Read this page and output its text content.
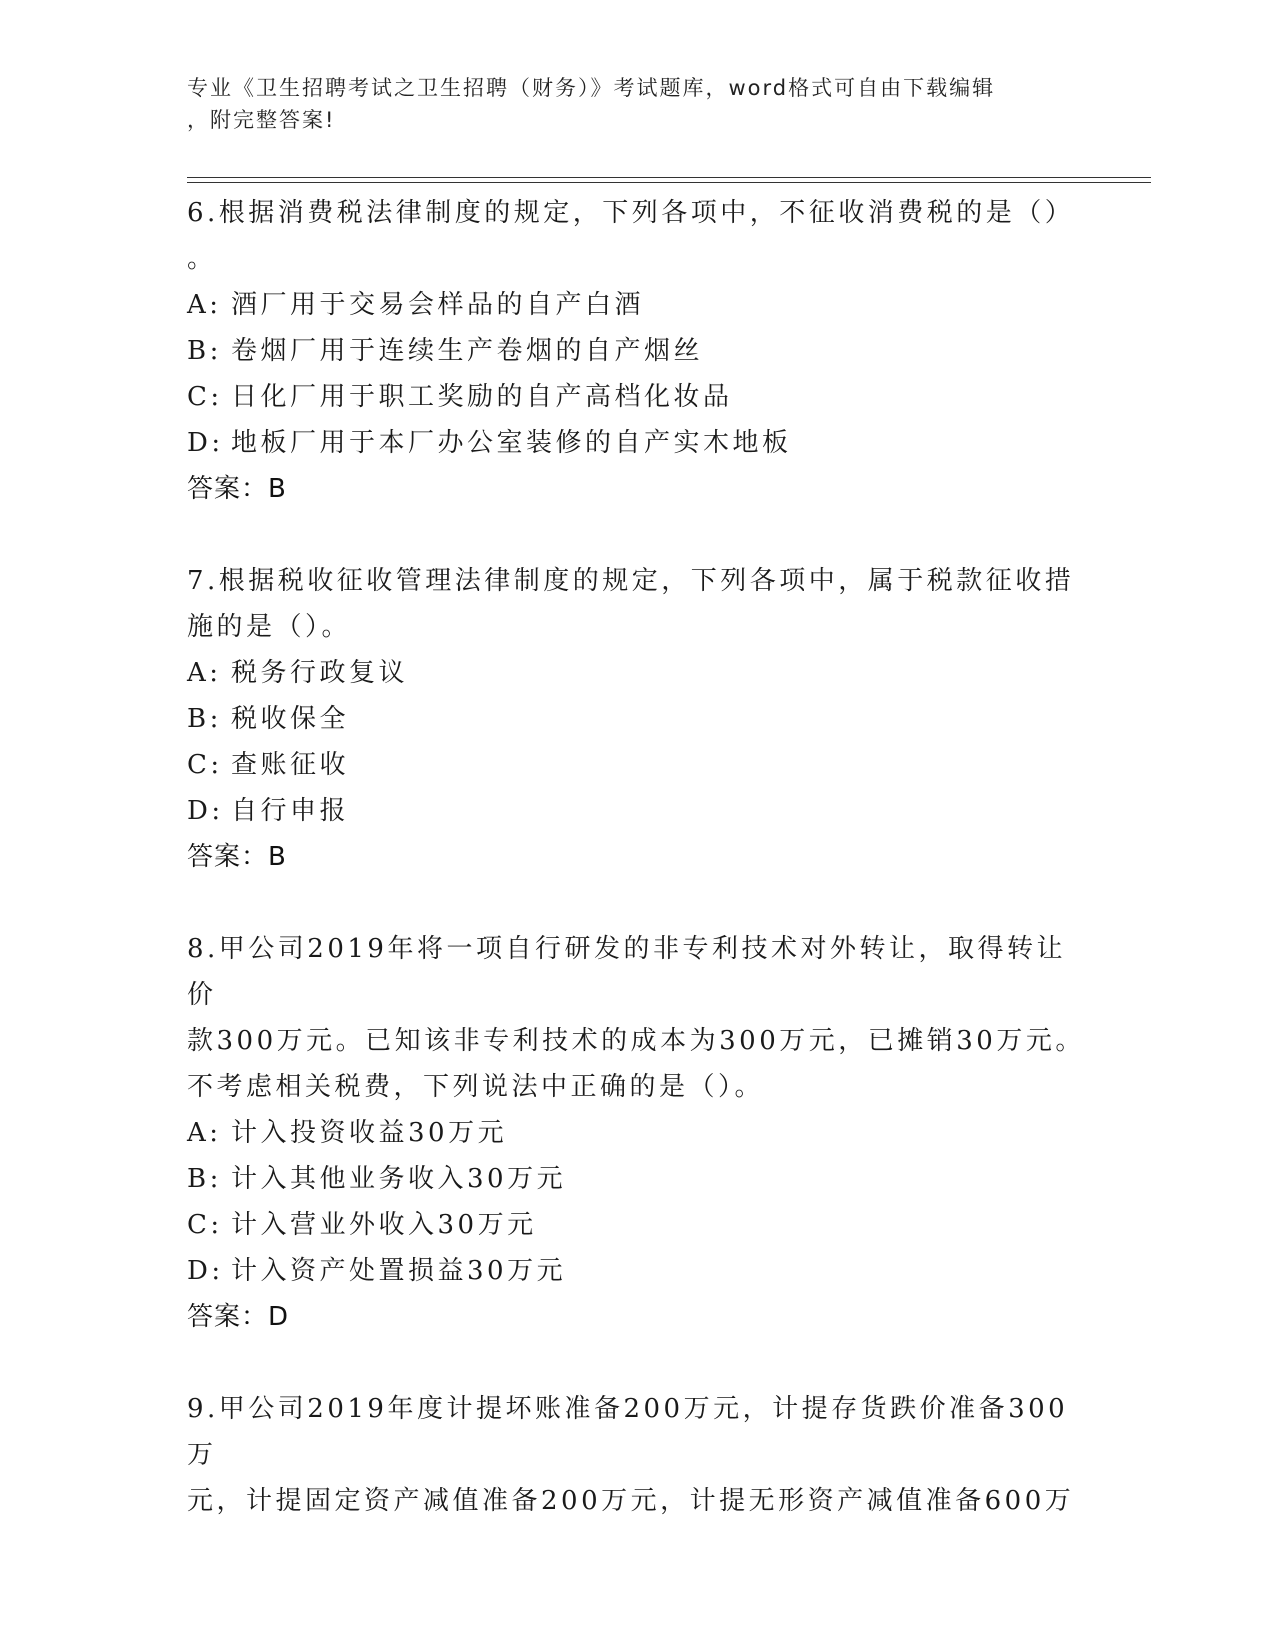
专业《卫生招聘考试之卫生招聘（财务）》考试题库，word格式可自由下载编辑
，附完整答案!

6.根据消费税法律制度的规定，下列各项中，不征收消费税的是（）
。

A: 酒厂用于交易会样品的自产白酒

B: 卷烟厂用于连续生产卷烟的自产烟丝

C: 日化厂用于职工奖励的自产高档化妆品

D: 地板厂用于本厂办公室装修的自产实木地板

答案：B

7.根据税收征收管理法律制度的规定，下列各项中，属于税款征收措
施的是（）。

A: 税务行政复议

B: 税收保全

C: 查账征收

D: 自行申报

答案：B

8.甲公司2019年将一项自行研发的非专利技术对外转让，取得转让价
款300万元。已知该非专利技术的成本为300万元，已摊销30万元。
不考虑相关税费，下列说法中正确的是（）。

A: 计入投资收益30万元

B: 计入其他业务收入30万元

C: 计入营业外收入30万元

D: 计入资产处置损益30万元

答案：D

9.甲公司2019年度计提坏账准备200万元，计提存货跌价准备300万
元，计提固定资产减值准备200万元，计提无形资产减值准备600万
